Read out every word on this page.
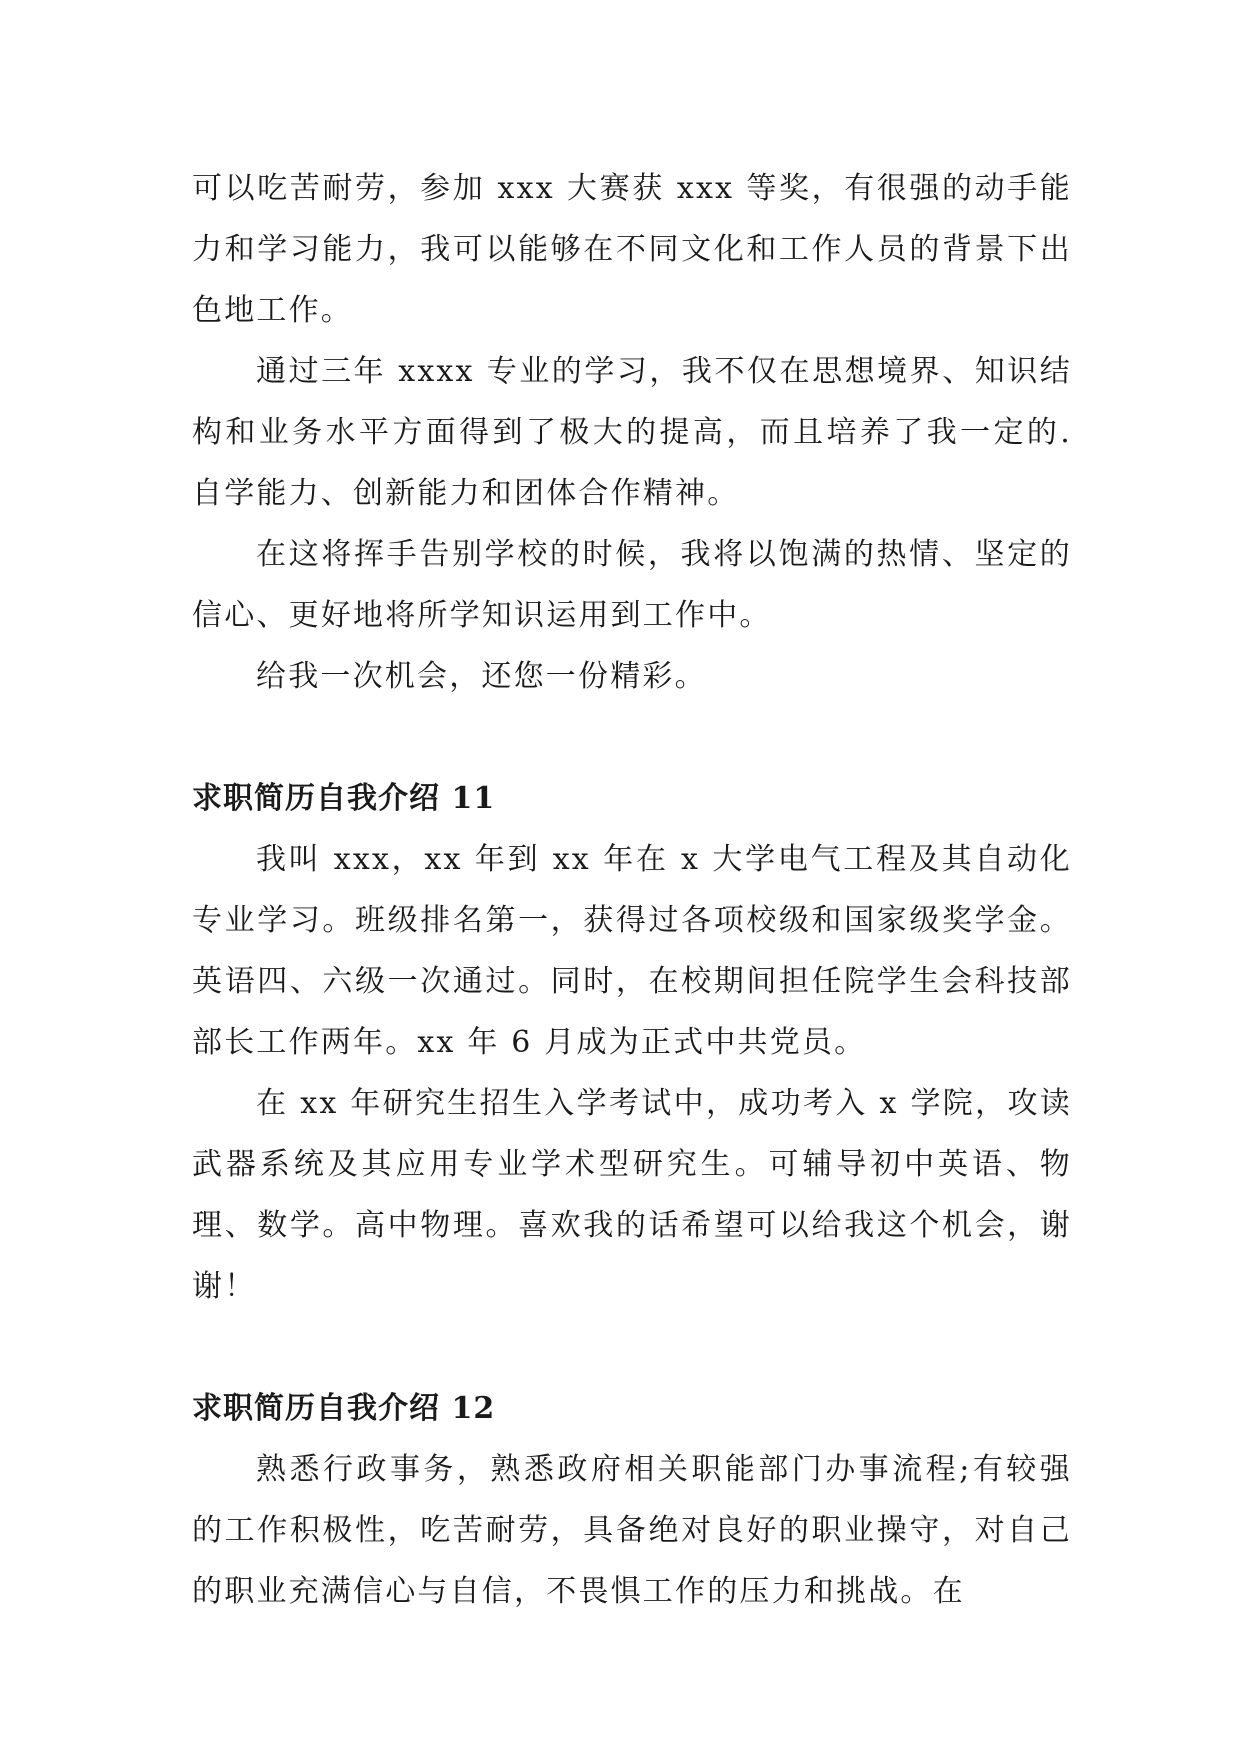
可以吃苦耐劳，参加 xxx 大赛获 xxx 等奖，有很强的动手能力和学习能力，我可以能够在不同文化和工作人员的背景下出色地工作。

通过三年 xxxx 专业的学习，我不仅在思想境界、知识结构和业务水平方面得到了极大的提高，而且培养了我一定的. 自学能力、创新能力和团体合作精神。

在这将挥手告别学校的时候，我将以饱满的热情、坚定的信心、更好地将所学知识运用到工作中。

给我一次机会，还您一份精彩。

求职简历自我介绍 11

我叫 xxx，xx 年到 xx 年在 x 大学电气工程及其自动化专业学习。班级排名第一，获得过各项校级和国家级奖学金。英语四、六级一次通过。同时，在校期间担任院学生会科技部部长工作两年。xx 年 6 月成为正式中共党员。

在 xx 年研究生招生入学考试中，成功考入 x 学院，攻读武器系统及其应用专业学术型研究生。可辅导初中英语、物理、数学。高中物理。喜欢我的话希望可以给我这个机会，谢谢！

求职简历自我介绍 12

熟悉行政事务，熟悉政府相关职能部门办事流程;有较强的工作积极性，吃苦耐劳，具备绝对良好的职业操守，对自己的职业充满信心与自信，不畏惧工作的压力和挑战。在
